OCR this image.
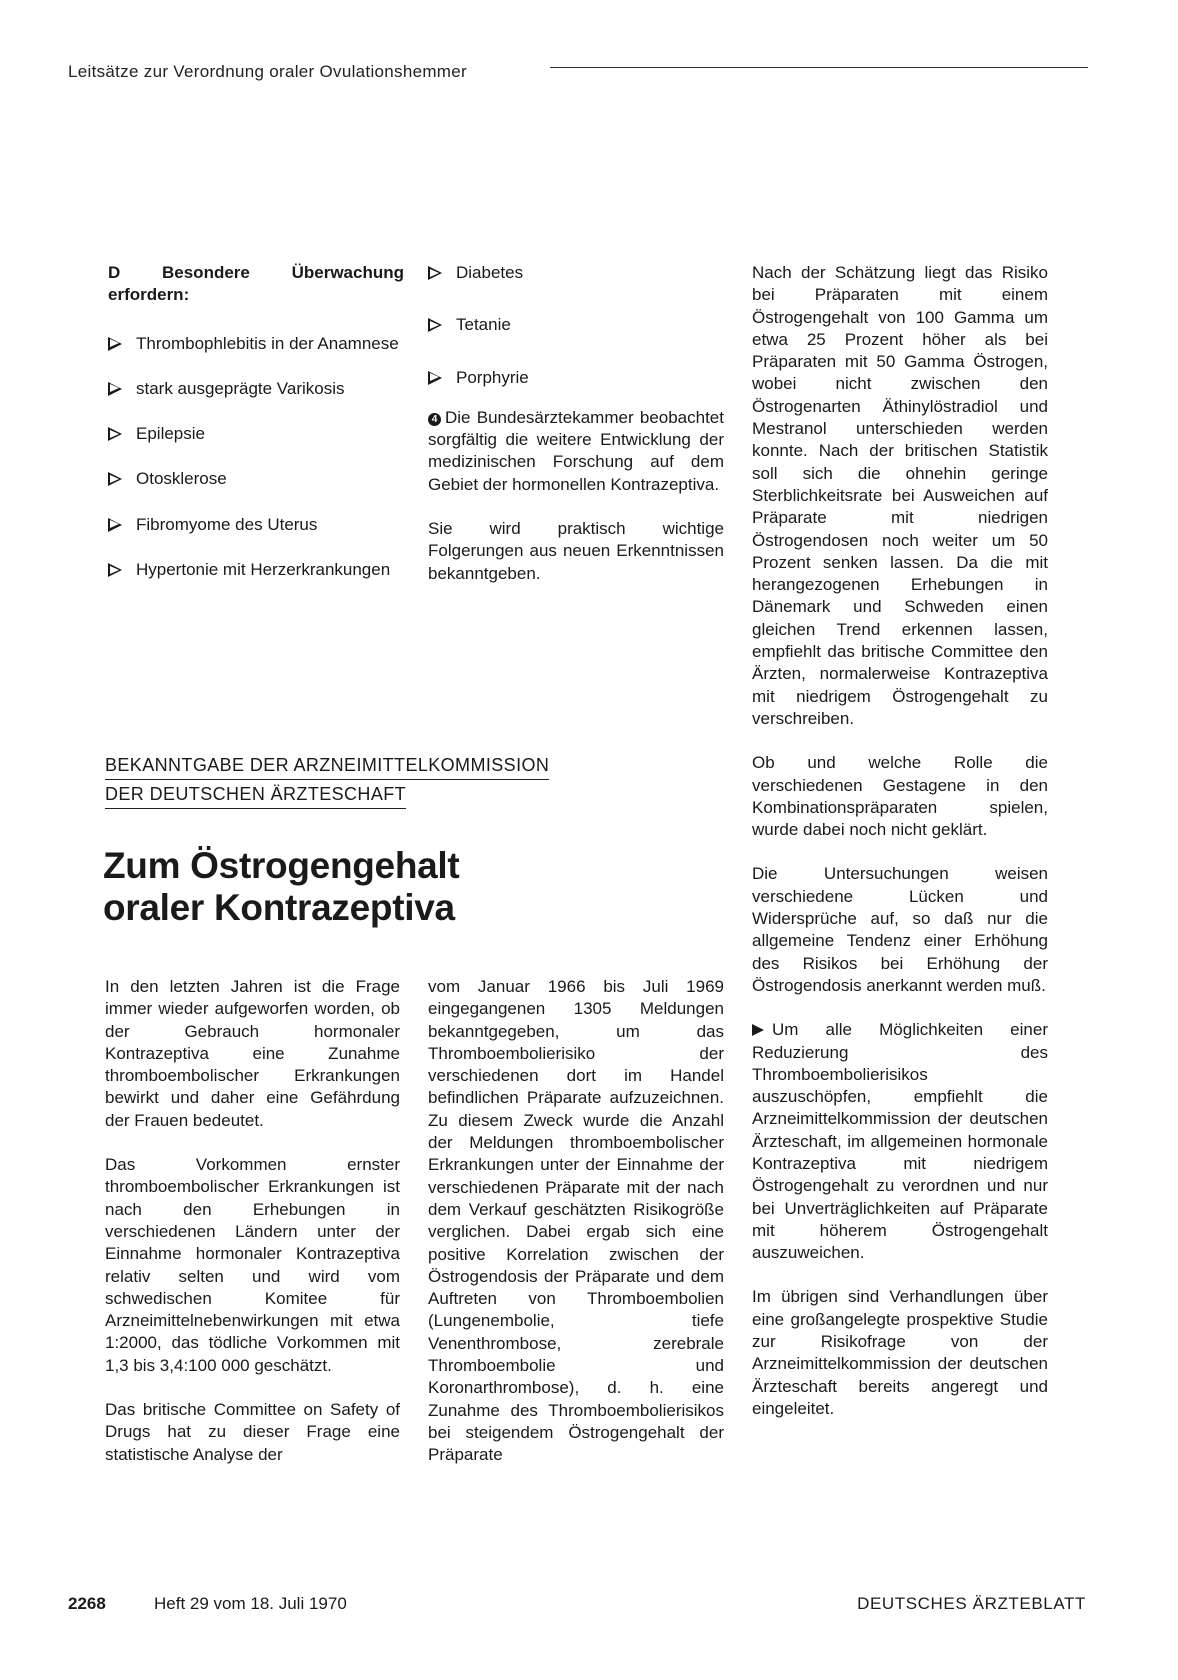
Leitsätze zur Verordnung oraler Ovulationshemmer
D Besondere Überwachung erfordern:
Thrombophlebitis in der Anamnese
stark ausgeprägte Varikosis
Epilepsie
Otosklerose
Fibromyome des Uterus
Hypertonie mit Herzerkrankungen
Diabetes
Tetanie
Porphyrie

4 Die Bundesärztekammer beobachtet sorgfältig die weitere Entwicklung der medizinischen Forschung auf dem Gebiet der hormonellen Kontrazeptiva.

Sie wird praktisch wichtige Folgerungen aus neuen Erkenntnissen bekanntgeben.

BEKANNTGABE DER ARZNEIMITTELKOMMISSION
DER DEUTSCHEN ÄRZTESCHAFT
Zum Östrogengehalt
oraler Kontrazeptiva

In den letzten Jahren ist die Frage immer wieder aufgeworfen worden, ob der Gebrauch hormonaler Kontrazeptiva eine Zunahme thromboembolischer Erkrankungen bewirkt und daher eine Gefährdung der Frauen bedeutet.

Das Vorkommen ernster thromboembolischer Erkrankungen ist nach den Erhebungen in verschiedenen Ländern unter der Einnahme hormonaler Kontrazeptiva relativ selten und wird vom schwedischen Komitee für Arzneimittelnebenwirkungen mit etwa 1:2000, das tödliche Vorkommen mit 1,3 bis 3,4:100 000 geschätzt.

Das britische Committee on Safety of Drugs hat zu dieser Frage eine statistische Analyse der

vom Januar 1966 bis Juli 1969 eingegangenen 1305 Meldungen bekanntgegeben, um das Thromboembolierisiko der verschiedenen dort im Handel befindlichen Präparate aufzuzeichnen. Zu diesem Zweck wurde die Anzahl der Meldungen thromboembolischer Erkrankungen unter der Einnahme der verschiedenen Präparate mit der nach dem Verkauf geschätzten Risikogröße verglichen. Dabei ergab sich eine positive Korrelation zwischen der Östrogendosis der Präparate und dem Auftreten von Thromboembolien (Lungenembolie, tiefe Venenthrombose, zerebrale Thromboembolie und Koronarthrombose), d. h. eine Zunahme des Thromboembolierisikos bei steigendem Östrogengehalt der Präparate

Nach der Schätzung liegt das Risiko bei Präparaten mit einem Östrogengehalt von 100 Gamma um etwa 25 Prozent höher als bei Präparaten mit 50 Gamma Östrogen, wobei nicht zwischen den Östrogenarten Äthinylöstradiol und Mestranol unterschieden werden konnte. Nach der britischen Statistik soll sich die ohnehin geringe Sterblichkeitsrate bei Ausweichen auf Präparate mit niedrigen Östrogendosen noch weiter um 50 Prozent senken lassen. Da die mit herangezogenen Erhebungen in Dänemark und Schweden einen gleichen Trend erkennen lassen, empfiehlt das britische Committee den Ärzten, normalerweise Kontrazeptiva mit niedrigem Östrogengehalt zu verschreiben.

Ob und welche Rolle die verschiedenen Gestagene in den Kombinationspräparaten spielen, wurde dabei noch nicht geklärt.

Die Untersuchungen weisen verschiedene Lücken und Widersprüche auf, so daß nur die allgemeine Tendenz einer Erhöhung des Risikos bei Erhöhung der Östrogendosis anerkannt werden muß.

Um alle Möglichkeiten einer Reduzierung des Thromboembolierisikos auszuschöpfen, empfiehlt die Arzneimittelkommission der deutschen Ärzteschaft, im allgemeinen hormonale Kontrazeptiva mit niedrigem Östrogengehalt zu verordnen und nur bei Unverträglichkeiten auf Präparate mit höherem Östrogengehalt auszuweichen.

Im übrigen sind Verhandlungen über eine großangelegte prospektive Studie zur Risikofrage von der Arzneimittelkommission der deutschen Ärzteschaft bereits angeregt und eingeleitet.

2268	Heft 29 vom 18. Juli 1970	DEUTSCHES ÄRZTEBLATT
